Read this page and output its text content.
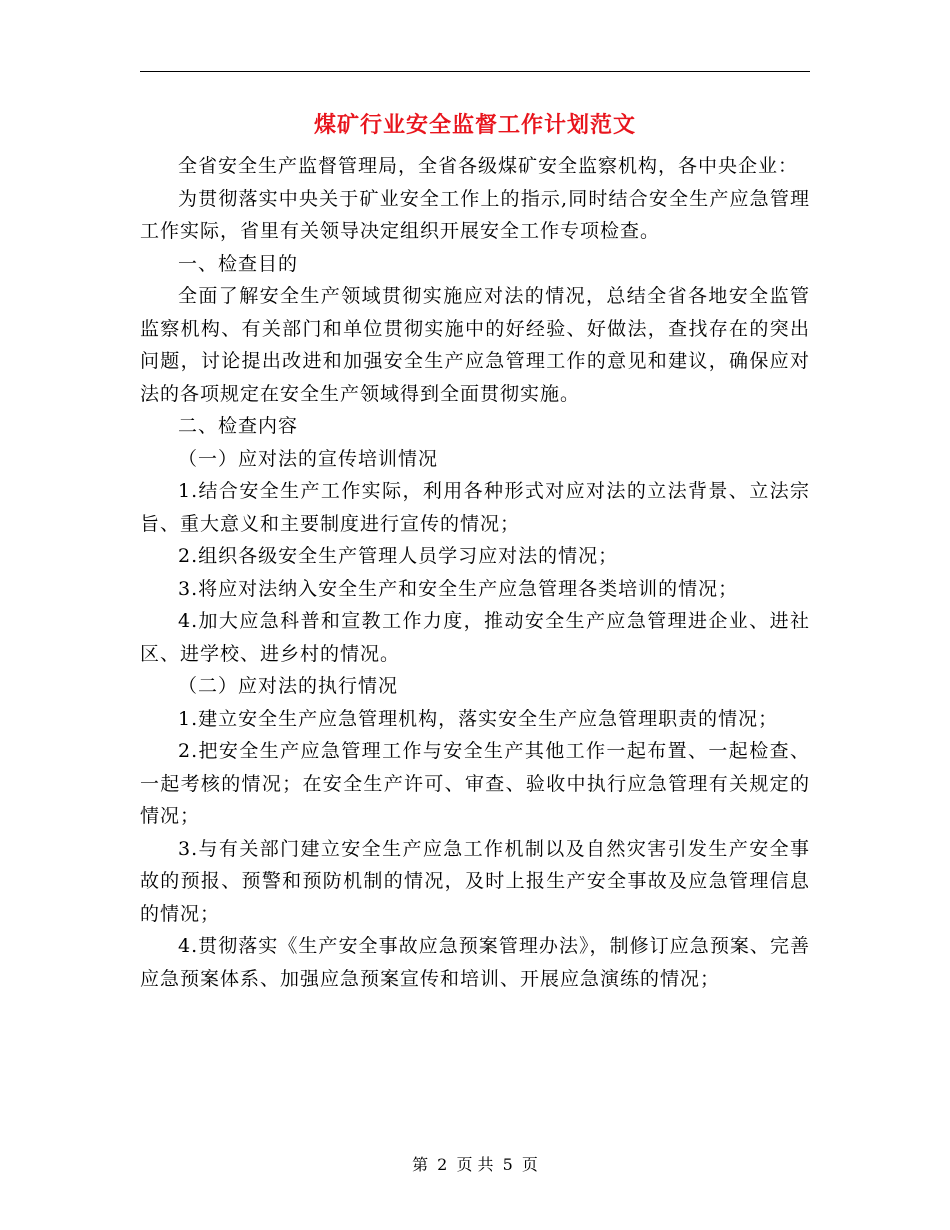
煤矿行业安全监督工作计划范文

全省安全生产监督管理局，全省各级煤矿安全监察机构，各中央企业：

为贯彻落实中央关于矿业安全工作上的指示,同时结合安全生产应急管理工作实际，省里有关领导决定组织开展安全工作专项检查。

一、检查目的

全面了解安全生产领域贯彻实施应对法的情况，总结全省各地安全监管监察机构、有关部门和单位贯彻实施中的好经验、好做法，查找存在的突出问题，讨论提出改进和加强安全生产应急管理工作的意见和建议，确保应对法的各项规定在安全生产领域得到全面贯彻实施。

二、检查内容

（一）应对法的宣传培训情况

1.结合安全生产工作实际，利用各种形式对应对法的立法背景、立法宗旨、重大意义和主要制度进行宣传的情况；

2.组织各级安全生产管理人员学习应对法的情况；

3.将应对法纳入安全生产和安全生产应急管理各类培训的情况；

4.加大应急科普和宣教工作力度，推动安全生产应急管理进企业、进社区、进学校、进乡村的情况。

（二）应对法的执行情况

1.建立安全生产应急管理机构，落实安全生产应急管理职责的情况；

2.把安全生产应急管理工作与安全生产其他工作一起布置、一起检查、一起考核的情况；在安全生产许可、审查、验收中执行应急管理有关规定的情况；

3.与有关部门建立安全生产应急工作机制以及自然灾害引发生产安全事故的预报、预警和预防机制的情况，及时上报生产安全事故及应急管理信息的情况；

4.贯彻落实《生产安全事故应急预案管理办法》，制修订应急预案、完善应急预案体系、加强应急预案宣传和培训、开展应急演练的情况；

第 2 页 共 5 页
